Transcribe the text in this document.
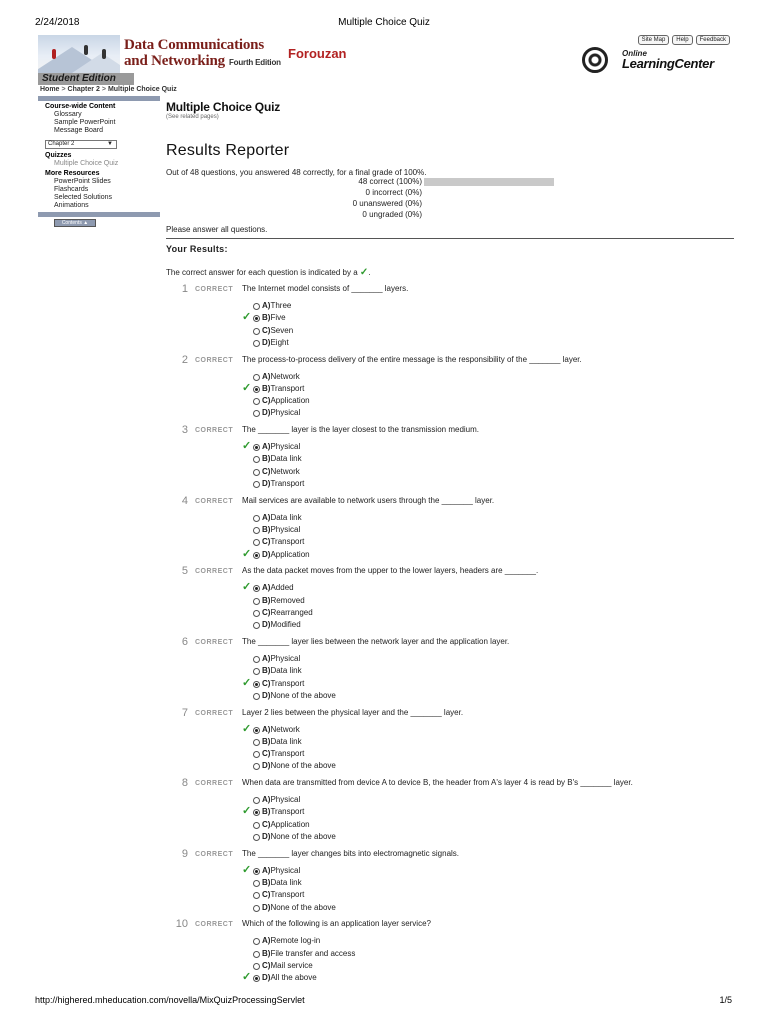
2/24/2018	Multiple Choice Quiz
Data Communications
and Networking Fourth Edition
Forouzan
Student Edition
Site Map	Help	Feedback
Online
LearningCenter
Home > Chapter 2 > Multiple Choice Quiz
Course-wide Content
Glossary
Sample PowerPoint
Message Board
Chapter 2	▼
Quizzes
Multiple Choice Quiz
More Resources
PowerPoint Slides
Flashcards
Selected Solutions
Animations
Contents ▲
Multiple Choice Quiz
(See related pages)
Results Reporter
Out of 48 questions, you answered 48 correctly, for a final grade of 100%.
48 correct (100%)
0 incorrect (0%)
0 unanswered (0%)
0 ungraded (0%)
Please answer all questions.
Your Results:
The correct answer for each question is indicated by a ✓.
1 CORRECT The Internet model consists of _______ layers.
A)Three
✓ B)Five
C)Seven
D)Eight
2 CORRECT The process-to-process delivery of the entire message is the responsibility of the _______ layer.
A)Network
✓ B)Transport
C)Application
D)Physical
3 CORRECT The _______ layer is the layer closest to the transmission medium.
✓ A)Physical
B)Data link
C)Network
D)Transport
4 CORRECT Mail services are available to network users through the _______ layer.
A)Data link
B)Physical
C)Transport
✓ D)Application
5 CORRECT As the data packet moves from the upper to the lower layers, headers are _______.
✓ A)Added
B)Removed
C)Rearranged
D)Modified
6 CORRECT The _______ layer lies between the network layer and the application layer.
A)Physical
B)Data link
✓ C)Transport
D)None of the above
7 CORRECT Layer 2 lies between the physical layer and the _______ layer.
✓ A)Network
B)Data link
C)Transport
D)None of the above
8 CORRECT When data are transmitted from device A to device B, the header from A's layer 4 is read by B's _______ layer.
A)Physical
✓ B)Transport
C)Application
D)None of the above
9 CORRECT The _______ layer changes bits into electromagnetic signals.
✓ A)Physical
B)Data link
C)Transport
D)None of the above
10 CORRECT Which of the following is an application layer service?
A)Remote log-in
B)File transfer and access
C)Mail service
✓ D)All the above
http://highered.mheducation.com/novella/MixQuizProcessingServlet	1/5
